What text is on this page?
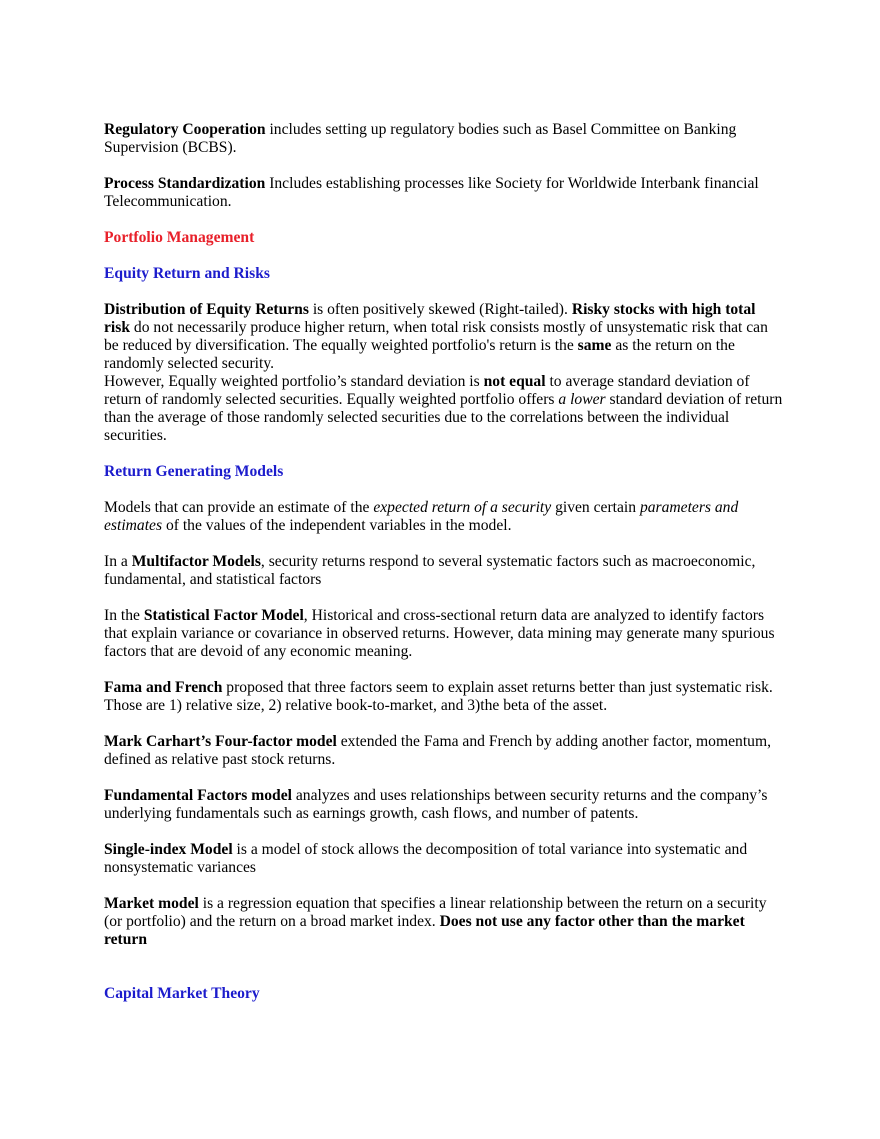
Regulatory Cooperation includes setting up regulatory bodies such as Basel Committee on Banking Supervision (BCBS).

Process Standardization Includes establishing processes like Society for Worldwide Interbank financial Telecommunication.

Portfolio Management
Equity Return and Risks

Distribution of Equity Returns is often positively skewed (Right-tailed). Risky stocks with high total risk do not necessarily produce higher return, when total risk consists mostly of unsystematic risk that can be reduced by diversification. The equally weighted portfolio's return is the same as the return on the randomly selected security.

However, Equally weighted portfolio’s standard deviation is not equal to average standard deviation of return of randomly selected securities. Equally weighted portfolio offers a lower standard deviation of return than the average of those randomly selected securities due to the correlations between the individual securities.

Return Generating Models

Models that can provide an estimate of the expected return of a security given certain parameters and estimates of the values of the independent variables in the model.

In a Multifactor Models, security returns respond to several systematic factors such as macroeconomic, fundamental, and statistical factors

In the Statistical Factor Model, Historical and cross-sectional return data are analyzed to identify factors that explain variance or covariance in observed returns. However, data mining may generate many spurious factors that are devoid of any economic meaning.

Fama and French proposed that three factors seem to explain asset returns better than just systematic risk. Those are 1) relative size, 2) relative book-to-market, and 3)the beta of the asset.

Mark Carhart’s Four-factor model extended the Fama and French by adding another factor, momentum, defined as relative past stock returns.

Fundamental Factors model analyzes and uses relationships between security returns and the company’s underlying fundamentals such as earnings growth, cash flows, and number of patents.

Single-index Model is a model of stock allows the decomposition of total variance into systematic and nonsystematic variances

Market model is a regression equation that specifies a linear relationship between the return on a security (or portfolio) and the return on a broad market index. Does not use any factor other than the market return

Capital Market Theory
